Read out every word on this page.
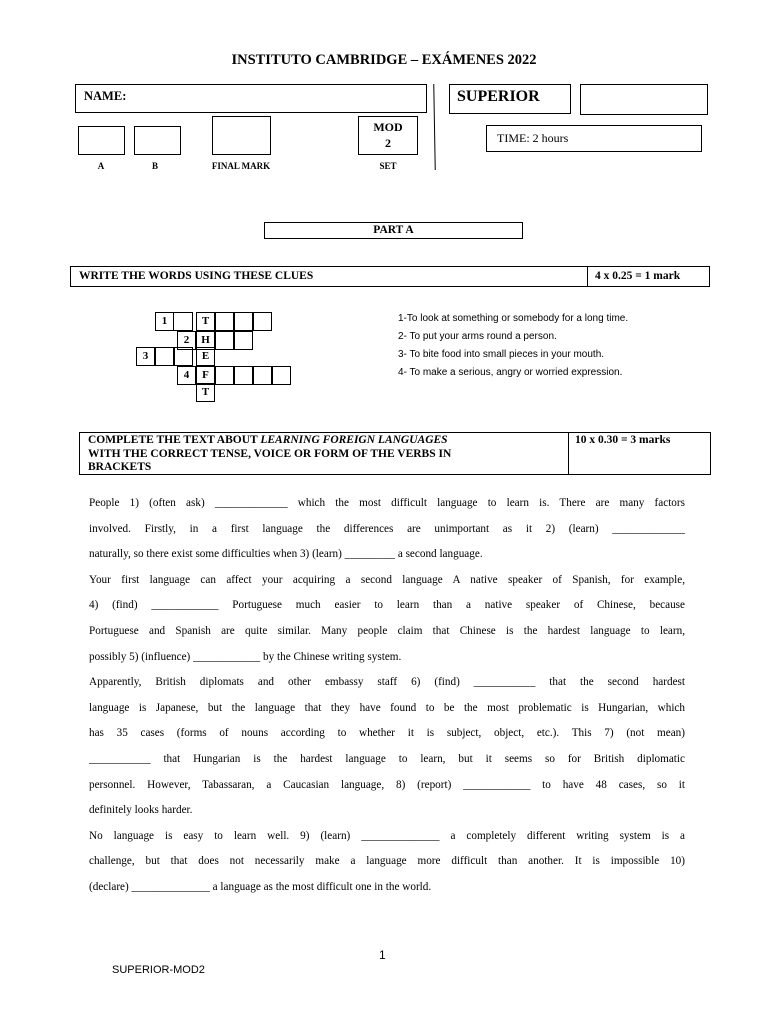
INSTITUTO CAMBRIDGE – EXÁMENES 2022
NAME:	SUPERIOR
MOD
2	TIME: 2 hours
A	B	FINAL MARK	SET
PART A
WRITE THE WORDS USING THESE CLUES	4 x 0.25 = 1 mark
1	T
2	H
3	E
4	F
T
1-To look at something or somebody for a long time.
2- To put your arms round a person.
3- To bite food into small pieces in your mouth.
4- To make a serious, angry or worried expression.
COMPLETE THE TEXT ABOUT LEARNING FOREIGN LANGUAGES
WITH THE CORRECT TENSE, VOICE OR FORM OF THE VERBS IN
BRACKETS
10 x 0.30 = 3 marks
People 1) (often ask) _____________ which the most difficult language to learn is. There are many factors
involved. Firstly, in a first language the differences are unimportant as it 2) (learn) _____________
naturally, so there exist some difficulties when 3) (learn) _________ a second language.
Your first language can affect your acquiring a second language A native speaker of Spanish, for example,
4) (find) ____________ Portuguese much easier to learn than a native speaker of Chinese, because
Portuguese and Spanish are quite similar. Many people claim that Chinese is the hardest language to learn,
possibly 5) (influence) ____________ by the Chinese writing system.
Apparently, British diplomats and other embassy staff 6) (find) ___________ that the second hardest
language is Japanese, but the language that they have found to be the most problematic is Hungarian, which
has 35 cases (forms of nouns according to whether it is subject, object, etc.). This 7) (not mean)
___________ that Hungarian is the hardest language to learn, but it seems so for British diplomatic
personnel. However, Tabassaran, a Caucasian language, 8) (report) ____________ to have 48 cases, so it
definitely looks harder.
No language is easy to learn well. 9) (learn) ______________ a completely different writing system is a
challenge, but that does not necessarily make a language more difficult than another. It is impossible 10)
(declare) ______________ a language as the most difficult one in the world.
1
SUPERIOR-MOD2
